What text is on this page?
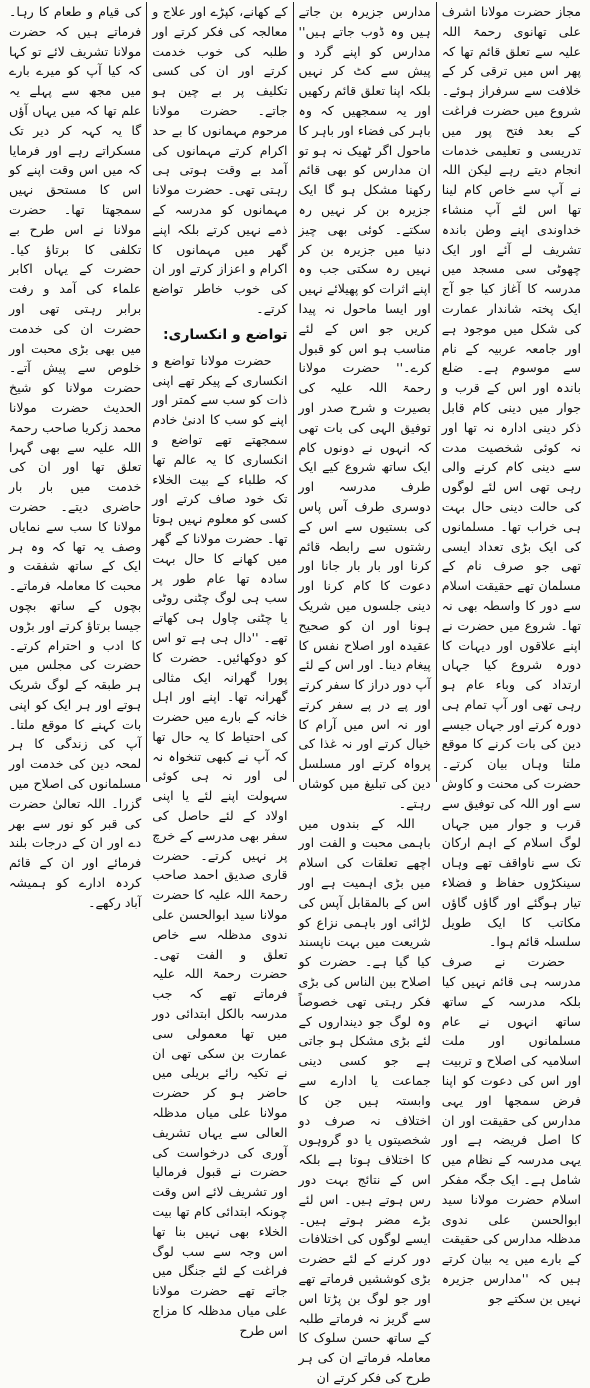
مجاز حضرت مولانا اشرف علی تھانوی رحمۃ اللہ علیہ سے تعلق قائم تھا کہ پھر اس میں ترقی کر کے خلافت سے سرفراز ہوئے۔ شروع میں حضرت فراغت کے بعد فتح پور میں تدریسی و تعلیمی خدمات انجام دیتے رہے لیکن اللہ نے آپ سے خاص کام لینا تھا اس لئے آپ منشاء خداوندی اپنے وطن باندہ تشریف لے آئے اور ایک چھوٹی سی مسجد میں مدرسہ کا آغاز کیا جو آج ایک پختہ شاندار عمارت کی شکل میں موجود ہے اور جامعہ عربیہ کے نام سے موسوم ہے۔ ضلع باندہ اور اس کے قرب و جوار میں دینی کام قابل ذکر دینی ادارہ نہ تھا اور نہ کوئی شخصیت مدت سے دینی کام کرنے والی رہی تھی اس لئے لوگوں کی حالت دینی حال بہت ہی خراب تھا۔ مسلمانوں کی ایک بڑی تعداد ایسی تھی جو صرف نام کے مسلمان تھے حقیقت اسلام سے دور کا واسطہ بھی نہ تھا۔ شروع میں حضرت نے اپنے علاقوں اور دیہات کا دورہ شروع کیا جہاں ارتداد کی وباء عام ہو رہی تھی اور آپ تمام ہی دورہ کرتے اور جہاں جیسے دین کی بات کرنے کا موقع ملتا وہاں بیان کرتے۔ حضرت کی محنت و کاوش سے اور اللہ کی توفیق سے قرب و جوار میں جہاں لوگ اسلام کے اہم ارکان تک سے ناواقف تھے وہاں سینکڑوں حفاظ و فضلاء تیار ہوگئے اور گاؤں گاؤں مکاتب کا ایک طویل سلسلہ قائم ہوا۔

حضرت نے صرف مدرسہ ہی قائم نہیں کیا بلکہ مدرسہ کے ساتھ ساتھ انہوں نے عام مسلمانوں اور ملت اسلامیہ کی اصلاح و تربیت اور اس کی دعوت کو اپنا فرض سمجھا اور یہی مدارس کی حقیقت اور ان کا اصل فریضہ ہے اور یہی مدرسہ کے نظام میں شامل ہے۔ ایک جگہ مفکر اسلام حضرت مولانا سید ابوالحسن علی ندوی مدظلہ مدارس کی حقیقت کے بارے میں یہ بیان کرتے ہیں کہ ''مدارس جزیرہ نہیں بن سکتے جو

مدارس جزیرہ بن جاتے ہیں وہ ڈوب جاتے ہیں'' مدارس کو اپنے گرد و پیش سے کٹ کر نہیں بلکہ اپنا تعلق قائم رکھیں اور یہ سمجھیں کہ وہ باہر کی فضاء اور باہر کا ماحول اگر ٹھیک نہ ہو تو ان مدارس کو بھی قائم رکھنا مشکل ہو گا ایک جزیرہ بن کر نہیں رہ سکتے۔ کوئی بھی چیز دنیا میں جزیرہ بن کر نہیں رہ سکتی جب وہ اپنے اثرات کو پھیلائے نہیں اور ایسا ماحول نہ پیدا کریں جو اس کے لئے مناسب ہو اس کو قبول کرے۔'' حضرت مولانا رحمۃ اللہ علیہ کی بصیرت و شرح صدر اور توفیق الہی کی بات تھی کہ انہوں نے دونوں کام ایک ساتھ شروع کیے ایک طرف مدرسہ اور دوسری طرف آس پاس کی بستیوں سے اس کے رشتوں سے رابطہ قائم کرنا اور بار بار جانا اور دعوت کا کام کرنا اور دینی جلسوں میں شریک ہونا اور ان کو صحیح عقیدہ اور اصلاح نفس کا پیغام دینا۔ اور اس کے لئے آپ دور دراز کا سفر کرتے اور پے در پے سفر کرتے اور نہ اس میں آرام کا خیال کرتے اور نہ غذا کی پرواہ کرتے اور مسلسل دین کی تبلیغ میں کوشاں رہتے۔

اللہ کے بندوں میں باہمی محبت و الفت اور اچھے تعلقات کی اسلام میں بڑی اہمیت ہے اور اس کے بالمقابل آپس کی لڑائی اور باہمی نزاع کو شریعت میں بہت ناپسند کیا گیا ہے۔ حضرت کو اصلاح بین الناس کی بڑی فکر رہتی تھی خصوصاً وہ لوگ جو دینداروں کے لئے بڑی مشکل ہو جاتی ہے جو کسی دینی جماعت یا ادارے سے وابستہ ہیں جن کا اختلاف نہ صرف دو شخصیتوں یا دو گروہوں کا اختلاف ہوتا ہے بلکہ اس کے نتائج بہت دور رس ہوتے ہیں۔ اس لئے بڑے مضر ہوتے ہیں۔ ایسے لوگوں کی اختلافات دور کرنے کے لئے حضرت بڑی کوششیں فرماتے تھے اور جو لوگ بن پڑتا اس سے گریز نہ فرماتے طلبہ کے ساتھ حسن سلوک کا معاملہ فرماتے ان کی ہر طرح کی فکر کرتے ان

کے کھانے، کپڑے اور علاج و معالجہ کی فکر کرتے اور طلبہ کی خوب خدمت کرتے اور ان کی کسی تکلیف پر بے چین ہو جاتے۔ حضرت مولانا مرحوم مہمانوں کا بے حد اکرام کرتے مہمانوں کی آمد بے وقت ہوتی ہی رہتی تھی۔ حضرت مولانا مہمانوں کو مدرسہ کے ذمے نہیں کرتے بلکہ اپنے گھر میں مہمانوں کا اکرام و اعزاز کرتے اور ان کی خوب خاطر تواضع کرتے۔

تواضع و انکساری:

حضرت مولانا تواضع و انکساری کے پیکر تھے اپنی ذات کو سب سے کمتر اور اپنے کو سب کا ادنیٰ خادم سمجھتے تھے تواضع و انکساری کا یہ عالم تھا کہ طلباء کے بیت الخلاء تک خود صاف کرتے اور کسی کو معلوم نہیں ہوتا تھا۔ حضرت مولانا کے گھر میں کھانے کا حال بہت سادہ تھا عام طور پر سب ہی لوگ چٹنی روٹی یا چٹنی چاول ہی کھاتے تھے۔ ''دال ہی ہے تو اس کو دوکھائیں۔ حضرت کا پورا گھرانہ ایک مثالی گھرانہ تھا۔ اپنے اور اہل خانہ کے بارے میں حضرت کی احتیاط کا یہ حال تھا کہ آپ نے کبھی تنخواہ نہ لی اور نہ ہی کوئی سہولت اپنے لئے یا اپنی اولاد کے لئے حاصل کی سفر بھی مدرسے کے خرچ پر نہیں کرتے۔ حضرت قاری صدیق احمد صاحب رحمۃ اللہ علیہ کا حضرت مولانا سید ابوالحسن علی ندوی مدظلہ سے خاص تعلق و الفت تھی۔ حضرت رحمۃ اللہ علیہ فرماتے تھے کہ جب مدرسہ بالکل ابتدائی دور میں تھا معمولی سی عمارت بن سکی تھی ان نے تکیہ رائے بریلی میں حاضر ہو کر حضرت مولانا علی میاں مدظلہ العالی سے یہاں تشریف آوری کی درخواست کی حضرت نے قبول فرمالیا اور تشریف لائے اس وقت چونکہ ابتدائی کام تھا بیت الخلاء بھی نہیں بنا تھا اس وجہ سے سب لوگ فراغت کے لئے جنگل میں جاتے تھے حضرت مولانا علی میاں مدظلہ کا مزاج اس طرح

کی قیام و طعام کا رہا۔ فرماتے ہیں کہ حضرت مولانا تشریف لائے تو کہا کہ کیا آپ کو میرے بارے میں مجھ سے پہلے یہ علم تھا کہ میں یہاں آؤں گا یہ کہہ کر دیر تک مسکراتے رہے اور فرمایا کہ میں اس وقت اپنے کو اس کا مستحق نہیں سمجھتا تھا۔ حضرت مولانا نے اس طرح بے تکلفی کا برتاؤ کیا۔ حضرت کے یہاں اکابر علماء کی آمد و رفت برابر رہتی تھی اور حضرت ان کی خدمت میں بھی بڑی محبت اور خلوص سے پیش آتے۔ حضرت مولانا کو شیخ الحدیث حضرت مولانا محمد زکریا صاحب رحمۃ اللہ علیہ سے بھی گہرا تعلق تھا اور ان کی خدمت میں بار بار حاضری دیتے۔ حضرت مولانا کا سب سے نمایاں وصف یہ تھا کہ وہ ہر ایک کے ساتھ شفقت و محبت کا معاملہ فرماتے۔ بچوں کے ساتھ بچوں جیسا برتاؤ کرتے اور بڑوں کا ادب و احترام کرتے۔ حضرت کی مجلس میں ہر طبقہ کے لوگ شریک ہوتے اور ہر ایک کو اپنی بات کہنے کا موقع ملتا۔ آپ کی زندگی کا ہر لمحہ دین کی خدمت اور مسلمانوں کی اصلاح میں گزرا۔ اللہ تعالیٰ حضرت کی قبر کو نور سے بھر دے اور ان کے درجات بلند فرمائے اور ان کے قائم کردہ ادارے کو ہمیشہ آباد رکھے۔
